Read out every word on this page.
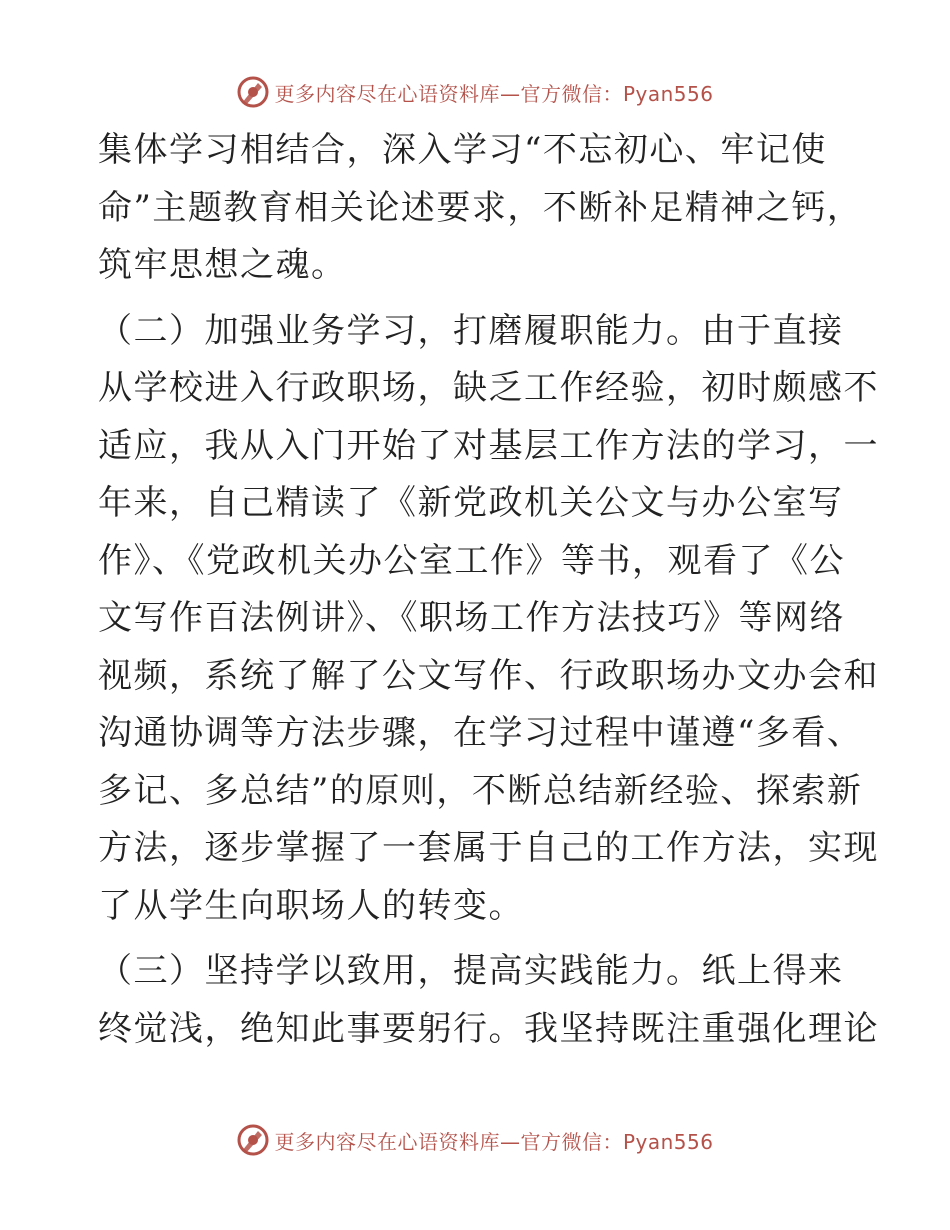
更多内容尽在心语资料库—官方微信：Pyan556

集体学习相结合，深入学习“不忘初心、牢记使

命”主题教育相关论述要求，不断补足精神之钙，

筑牢思想之魂。

（二）加强业务学习，打磨履职能力。由于直接

从学校进入行政职场，缺乏工作经验，初时颇感不

适应，我从入门开始了对基层工作方法的学习，一

年来，自己精读了《新党政机关公文与办公室写

作》、《党政机关办公室工作》等书，观看了《公

文写作百法例讲》、《职场工作方法技巧》等网络

视频，系统了解了公文写作、行政职场办文办会和

沟通协调等方法步骤，在学习过程中谨遵“多看、

多记、多总结”的原则，不断总结新经验、探索新

方法，逐步掌握了一套属于自己的工作方法，实现

了从学生向职场人的转变。

（三）坚持学以致用，提高实践能力。纸上得来

终觉浅，绝知此事要躬行。我坚持既注重强化理论

更多内容尽在心语资料库—官方微信：Pyan556
